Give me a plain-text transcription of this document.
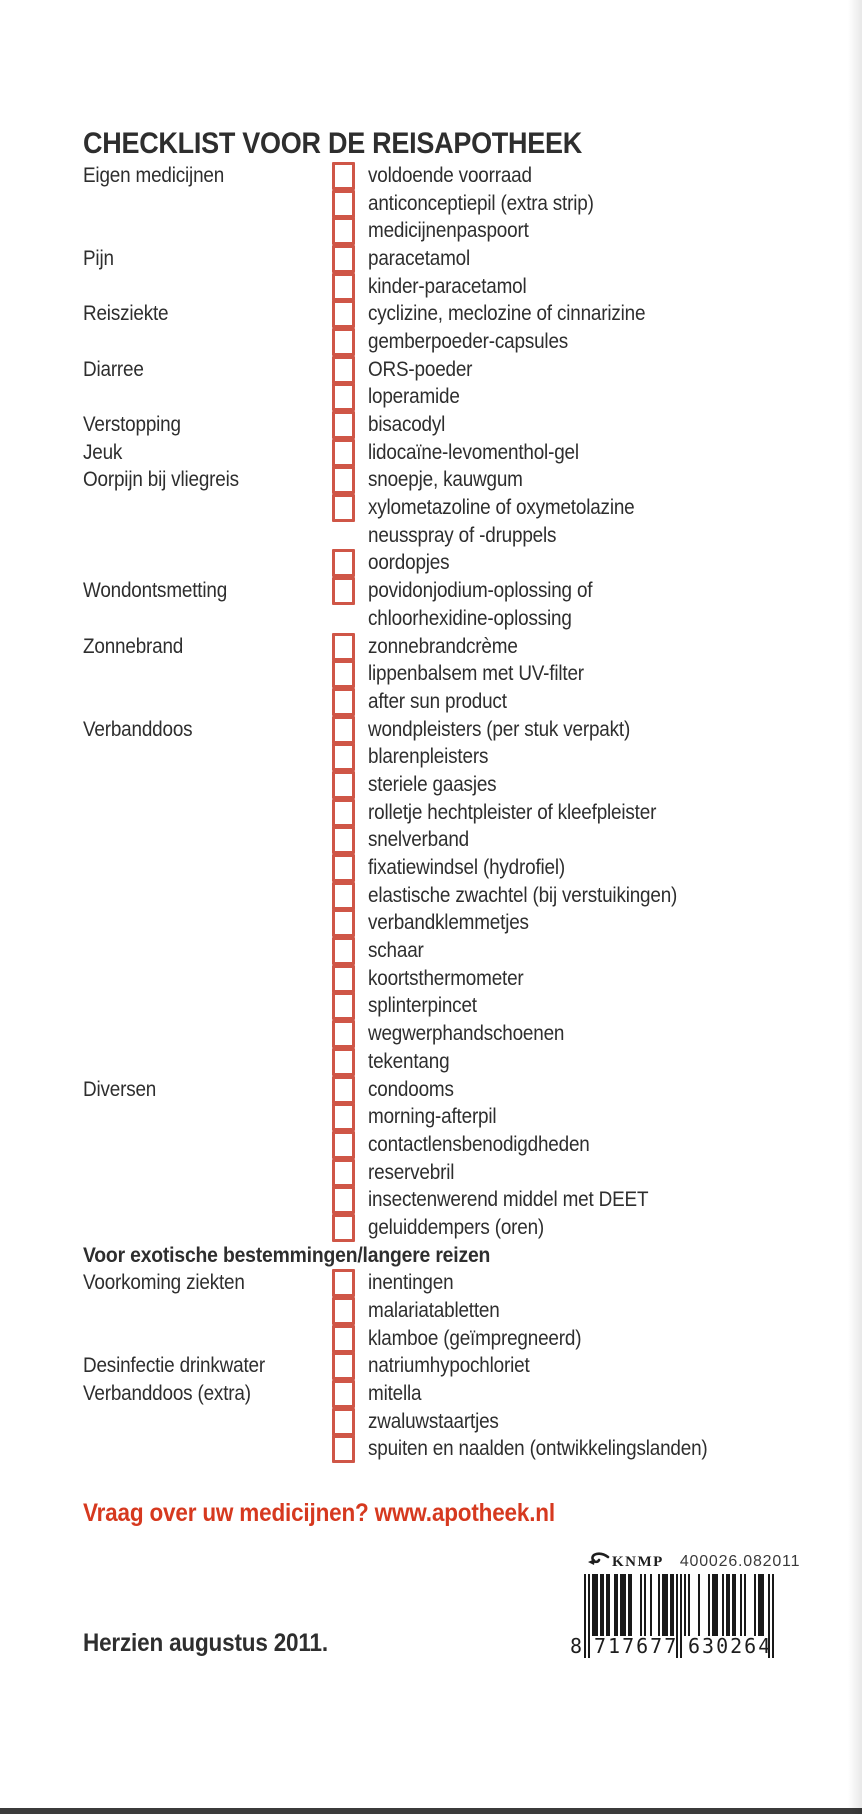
CHECKLIST VOOR DE REISAPOTHEEK
Eigen medicijnen	voldoende voorraad
anticonceptiepil (extra strip)
medicijnenpaspoort
Pijn	paracetamol
kinder-paracetamol
Reisziekte	cyclizine, meclozine of cinnarizine
gemberpoeder-capsules
Diarree	ORS-poeder
loperamide
Verstopping	bisacodyl
Jeuk	lidocaïne-levomenthol-gel
Oorpijn bij vliegreis	snoepje, kauwgum
xylometazoline of oxymetolazine
neusspray of -druppels
oordopjes
Wondontsmetting	povidonjodium-oplossing of
chloorhexidine-oplossing
Zonnebrand	zonnebrandcrème
lippenbalsem met UV-filter
after sun product
Verbanddoos	wondpleisters (per stuk verpakt)
blarenpleisters
steriele gaasjes
rolletje hechtpleister of kleefpleister
snelverband
fixatiewindsel (hydrofiel)
elastische zwachtel (bij verstuikingen)
verbandklemmetjes
schaar
koortsthermometer
splinterpincet
wegwerphandschoenen
tekentang
Diversen	condooms
morning-afterpil
contactlensbenodigdheden
reservebril
insectenwerend middel met DEET
geluiddempers (oren)
Voor exotische bestemmingen/langere reizen
Voorkoming ziekten	inentingen
malariatabletten
klamboe (geïmpregneerd)
Desinfectie drinkwater	natriumhypochloriet
Verbanddoos (extra)	mitella
zwaluwstaartjes
spuiten en naalden (ontwikkelingslanden)
Vraag over uw medicijnen? www.apotheek.nl
KNMP 400026.082011
8 717677 630264
Herzien augustus 2011.
